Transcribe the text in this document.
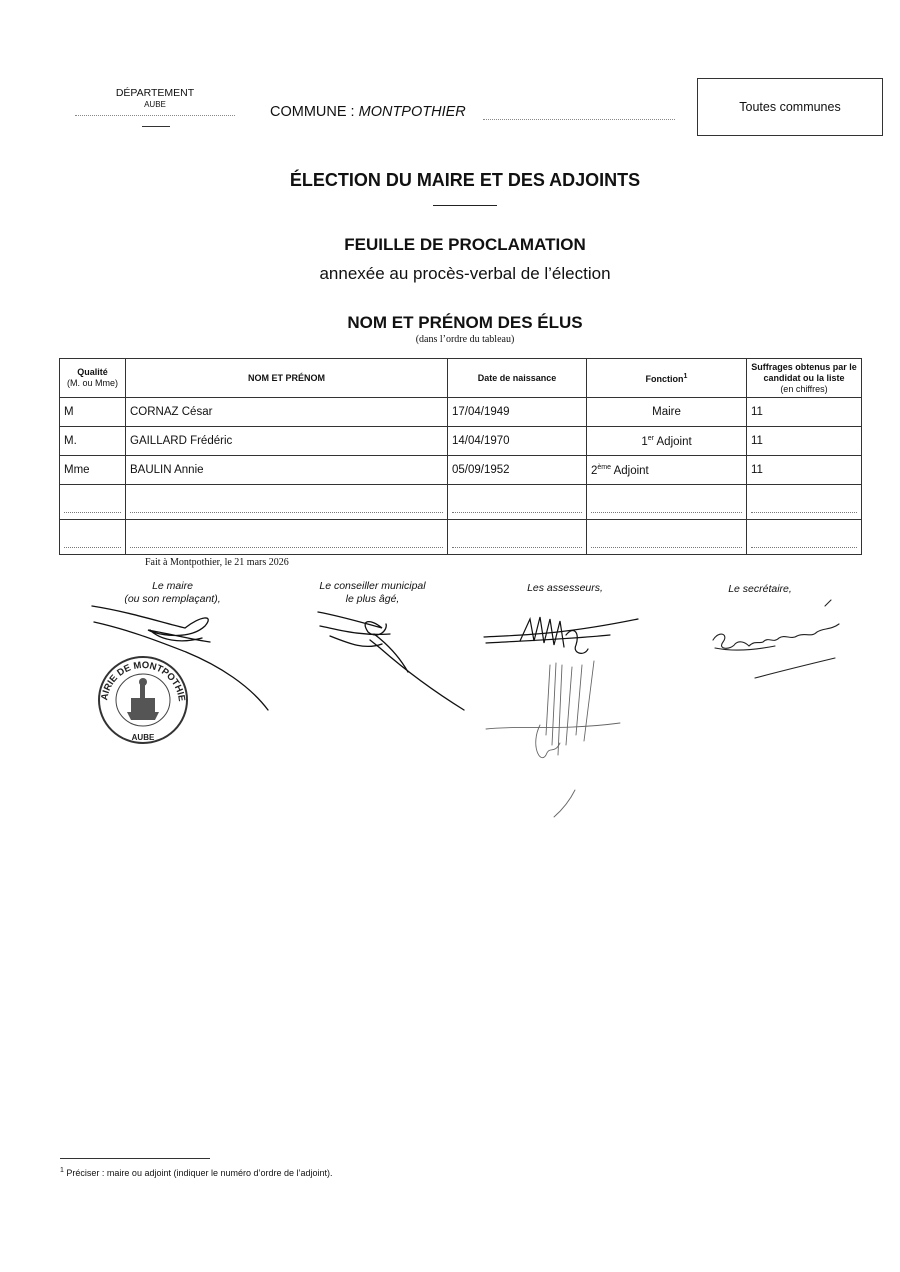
DÉPARTEMENT
AUBE	COMMUNE : MONTPOTHIER	Toutes communes
ÉLECTION DU MAIRE ET DES ADJOINTS
FEUILLE DE PROCLAMATION
annexée au procès-verbal de l’élection
NOM ET PRÉNOM DES ÉLUS
(dans l’ordre du tableau)
Qualité
(M. ou Mme)	NOM ET PRÉNOM	Date de naissance	Fonction$^1$	Suffrages obtenus par le candidat ou la liste
(en chiffres)
M	CORNAZ César	17/04/1949	Maire	11
M.	GAILLARD Frédéric	14/04/1970	1er Adjoint	11
Mme	BAULIN Annie	05/09/1952	2ème Adjoint	11

Fait à Montpothier, le 21 mars 2026
Le maire
(ou son remplaçant),
Le conseiller municipal
le plus âgé,
Les assesseurs,	Le secrétaire,
MAIRIE DE MONTPOTHIER
AUBE
$^1$ Préciser : maire ou adjoint (indiquer le numéro d’ordre de l’adjoint).
